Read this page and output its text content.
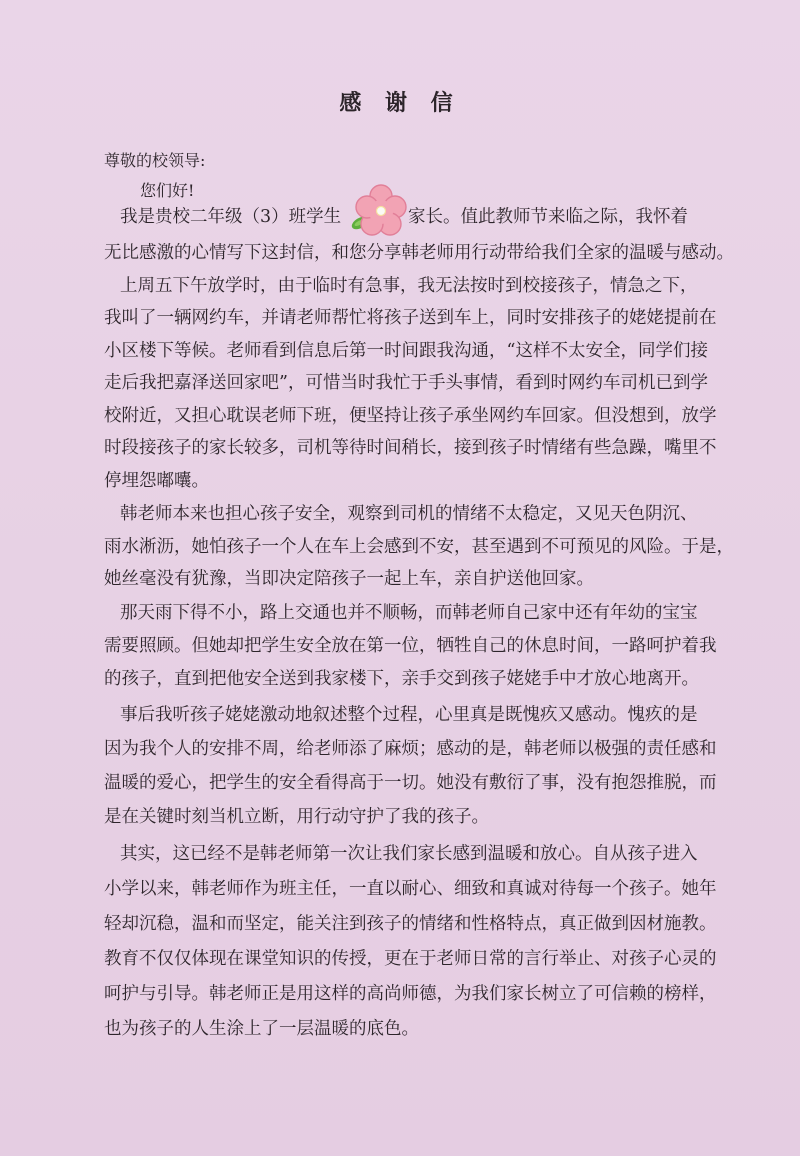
感 谢 信
尊敬的校领导:
您们好!
我是贵校二年级（3）班学生	家长。值此教师节来临之际，我怀着
无比感激的心情写下这封信，和您分享韩老师用行动带给我们全家的温暖与感动。
上周五下午放学时，由于临时有急事，我无法按时到校接孩子，情急之下，
我叫了一辆网约车，并请老师帮忙将孩子送到车上，同时安排孩子的姥姥提前在
小区楼下等候。老师看到信息后第一时间跟我沟通，“这样不太安全，同学们接
走后我把嘉泽送回家吧”，可惜当时我忙于手头事情，看到时网约车司机已到学
校附近，又担心耽误老师下班，便坚持让孩子承坐网约车回家。但没想到，放学
时段接孩子的家长较多，司机等待时间稍长，接到孩子时情绪有些急躁，嘴里不
停埋怨嘟囔。
韩老师本来也担心孩子安全，观察到司机的情绪不太稳定，又见天色阴沉、
雨水淅沥，她怕孩子一个人在车上会感到不安，甚至遇到不可预见的风险。于是，
她丝毫没有犹豫，当即决定陪孩子一起上车，亲自护送他回家。
那天雨下得不小，路上交通也并不顺畅，而韩老师自己家中还有年幼的宝宝
需要照顾。但她却把学生安全放在第一位，牺牲自己的休息时间，一路呵护着我
的孩子，直到把他安全送到我家楼下，亲手交到孩子姥姥手中才放心地离开。
事后我听孩子姥姥激动地叙述整个过程，心里真是既愧疚又感动。愧疚的是
因为我个人的安排不周，给老师添了麻烦；感动的是，韩老师以极强的责任感和
温暖的爱心，把学生的安全看得高于一切。她没有敷衍了事，没有抱怨推脱，而
是在关键时刻当机立断，用行动守护了我的孩子。
其实，这已经不是韩老师第一次让我们家长感到温暖和放心。自从孩子进入
小学以来，韩老师作为班主任，一直以耐心、细致和真诚对待每一个孩子。她年
轻却沉稳，温和而坚定，能关注到孩子的情绪和性格特点，真正做到因材施教。
教育不仅仅体现在课堂知识的传授，更在于老师日常的言行举止、对孩子心灵的
呵护与引导。韩老师正是用这样的高尚师德，为我们家长树立了可信赖的榜样，
也为孩子的人生涂上了一层温暖的底色。
